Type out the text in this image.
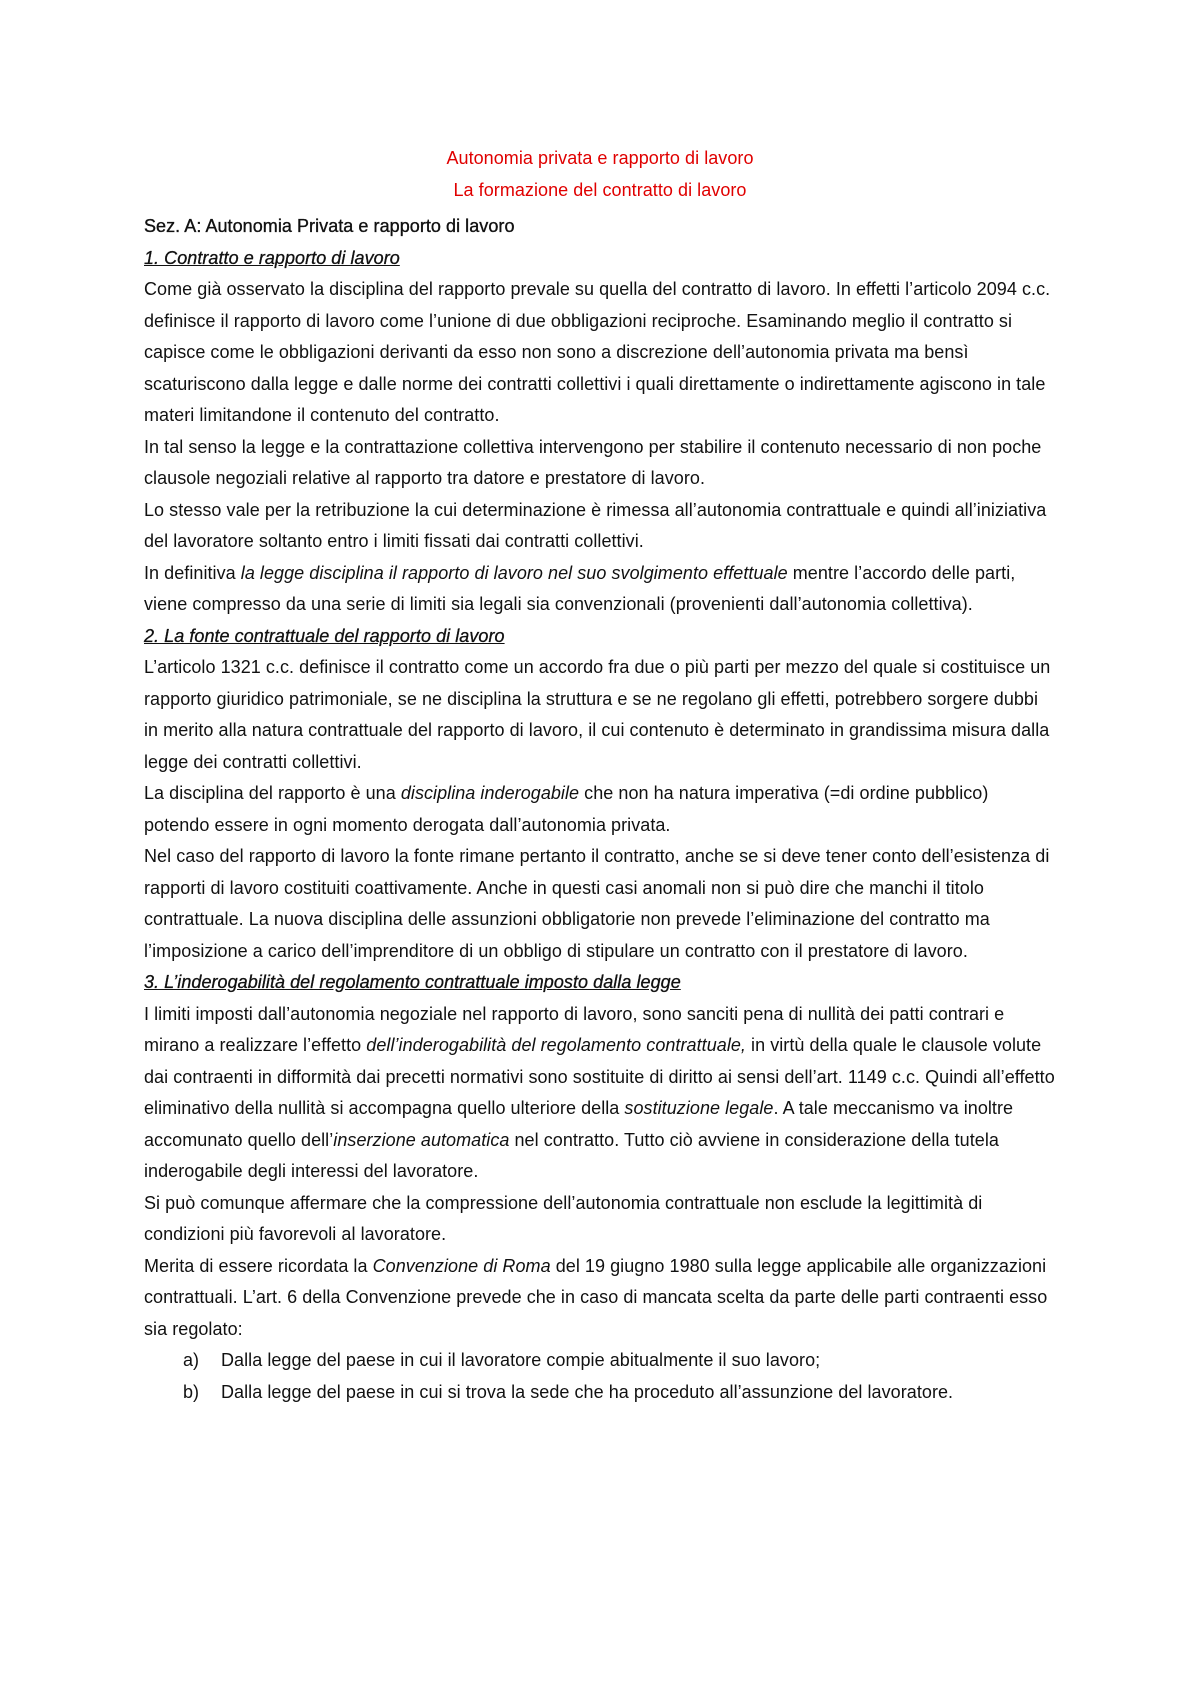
Autonomia privata e rapporto di lavoro

La formazione del contratto di lavoro

Sez. A: Autonomia Privata e rapporto di lavoro

1. Contratto e rapporto di lavoro

Come già osservato la disciplina del rapporto prevale su quella del contratto di lavoro. In effetti l’articolo 2094 c.c. definisce il rapporto di lavoro come l’unione di due obbligazioni reciproche. Esaminando meglio il contratto si capisce come le obbligazioni derivanti da esso non sono a discrezione dell’autonomia privata ma bensì scaturiscono dalla legge e dalle norme dei contratti collettivi i quali direttamente o indirettamente agiscono in tale materi limitandone il contenuto del contratto.

In tal senso la legge e la contrattazione collettiva intervengono per stabilire il contenuto necessario di non poche clausole negoziali relative al rapporto tra datore e prestatore di lavoro.

Lo stesso vale per la retribuzione la cui determinazione è rimessa all’autonomia contrattuale e quindi all’iniziativa del lavoratore soltanto entro i limiti fissati dai contratti collettivi.

In definitiva la legge disciplina il rapporto di lavoro nel suo svolgimento effettuale mentre l’accordo delle parti, viene compresso da una serie di limiti sia legali sia convenzionali (provenienti dall’autonomia collettiva).

2. La fonte contrattuale del rapporto di lavoro

L’articolo 1321 c.c. definisce il contratto come un accordo fra due o più parti per mezzo del quale si costituisce un rapporto giuridico patrimoniale, se ne disciplina la struttura e se ne regolano gli effetti, potrebbero sorgere dubbi in merito alla natura contrattuale del rapporto di lavoro, il cui contenuto è determinato in grandissima misura dalla legge dei contratti collettivi.

La disciplina del rapporto è una disciplina inderogabile che non ha natura imperativa (=di ordine pubblico) potendo essere in ogni momento derogata dall’autonomia privata.

Nel caso del rapporto di lavoro la fonte rimane pertanto il contratto, anche se si deve tener conto dell’esistenza di rapporti di lavoro costituiti coattivamente. Anche in questi casi anomali non si può dire che manchi il titolo contrattuale. La nuova disciplina delle assunzioni obbligatorie non prevede l’eliminazione del contratto ma l’imposizione a carico dell’imprenditore di un obbligo di stipulare un contratto con il prestatore di lavoro.

3. L’inderogabilità del regolamento contrattuale imposto dalla legge

I limiti imposti dall’autonomia negoziale nel rapporto di lavoro, sono sanciti pena di nullità dei patti contrari e mirano a realizzare l’effetto dell’inderogabilità del regolamento contrattuale, in virtù della quale le clausole volute dai contraenti in difformità dai precetti normativi sono sostituite di diritto ai sensi dell’art. 1149 c.c. Quindi all’effetto eliminativo della nullità si accompagna quello ulteriore della sostituzione legale. A tale meccanismo va inoltre accomunato quello dell’inserzione automatica nel contratto. Tutto ciò avviene in considerazione della tutela inderogabile degli interessi del lavoratore.

Si può comunque affermare che la compressione dell’autonomia contrattuale non esclude la legittimità di condizioni più favorevoli al lavoratore.

Merita di essere ricordata la Convenzione di Roma del 19 giugno 1980 sulla legge applicabile alle organizzazioni contrattuali. L’art. 6 della Convenzione prevede che in caso di mancata scelta da parte delle parti contraenti esso sia regolato:

a) Dalla legge del paese in cui il lavoratore compie abitualmente il suo lavoro;
b) Dalla legge del paese in cui si trova la sede che ha proceduto all’assunzione del lavoratore.
